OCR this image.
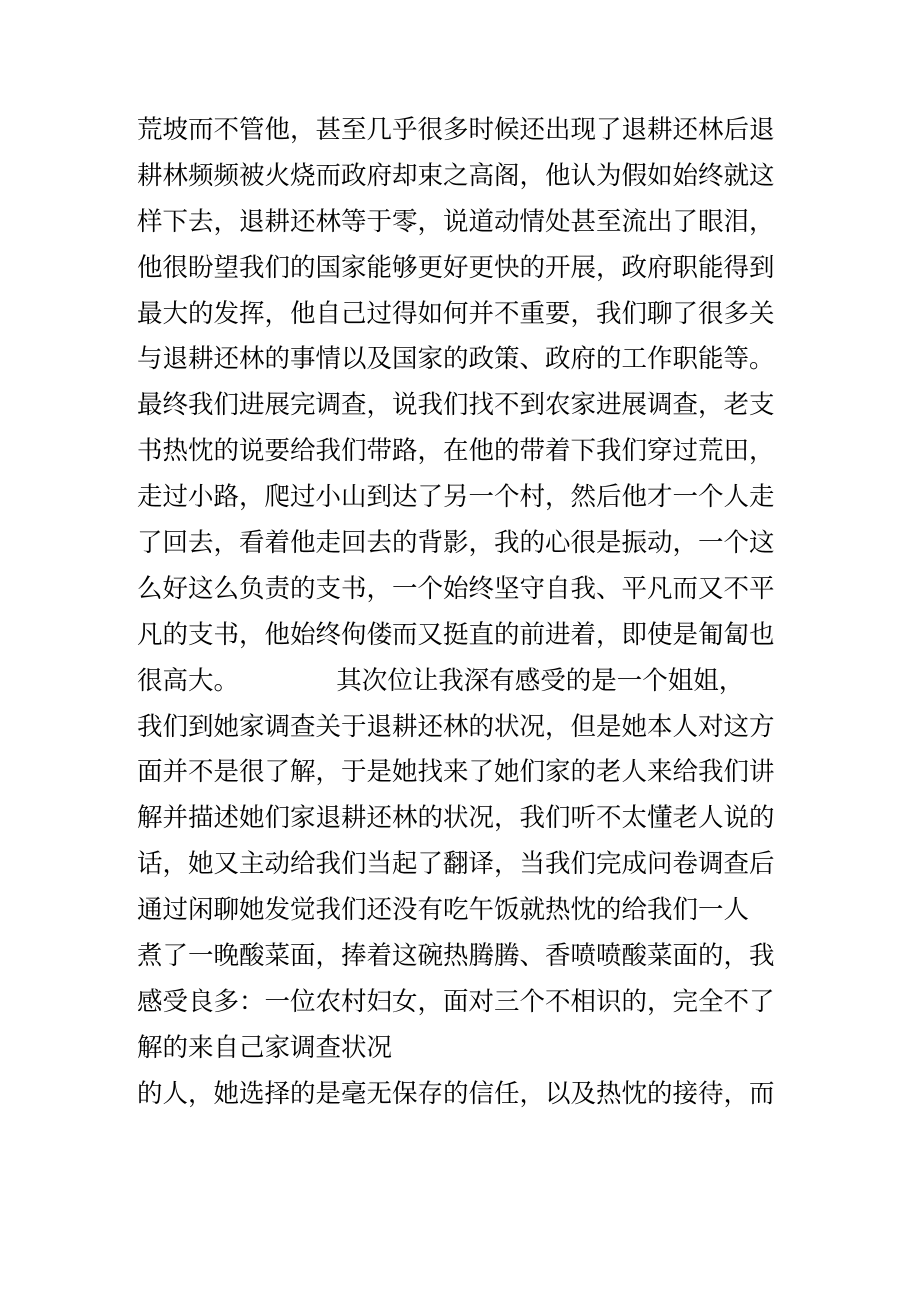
荒坡而不管他，甚至几乎很多时候还出现了退耕还林后退
耕林频频被火烧而政府却束之高阁，他认为假如始终就这
样下去，退耕还林等于零，说道动情处甚至流出了眼泪，
他很盼望我们的国家能够更好更快的开展，政府职能得到
最大的发挥，他自己过得如何并不重要，我们聊了很多关
与退耕还林的事情以及国家的政策、政府的工作职能等。
最终我们进展完调查，说我们找不到农家进展调查，老支
书热忱的说要给我们带路，在他的带着下我们穿过荒田，
走过小路，爬过小山到达了另一个村，然后他才一个人走
了回去，看着他走回去的背影，我的心很是振动，一个这
么好这么负责的支书，一个始终坚守自我、平凡而又不平
凡的支书，他始终佝偻而又挺直的前进着，即使是匍匐也
很高大。            其次位让我深有感受的是一个姐姐，
我们到她家调查关于退耕还林的状况，但是她本人对这方
面并不是很了解，于是她找来了她们家的老人来给我们讲
解并描述她们家退耕还林的状况，我们听不太懂老人说的
话，她又主动给我们当起了翻译，当我们完成问卷调查后
通过闲聊她发觉我们还没有吃午饭就热忱的给我们一人
煮了一晚酸菜面，捧着这碗热腾腾、香喷喷酸菜面的，我
感受良多：一位农村妇女，面对三个不相识的，完全不了
解的来自己家调查状况
的人，她选择的是毫无保存的信任，以及热忱的接待，而
